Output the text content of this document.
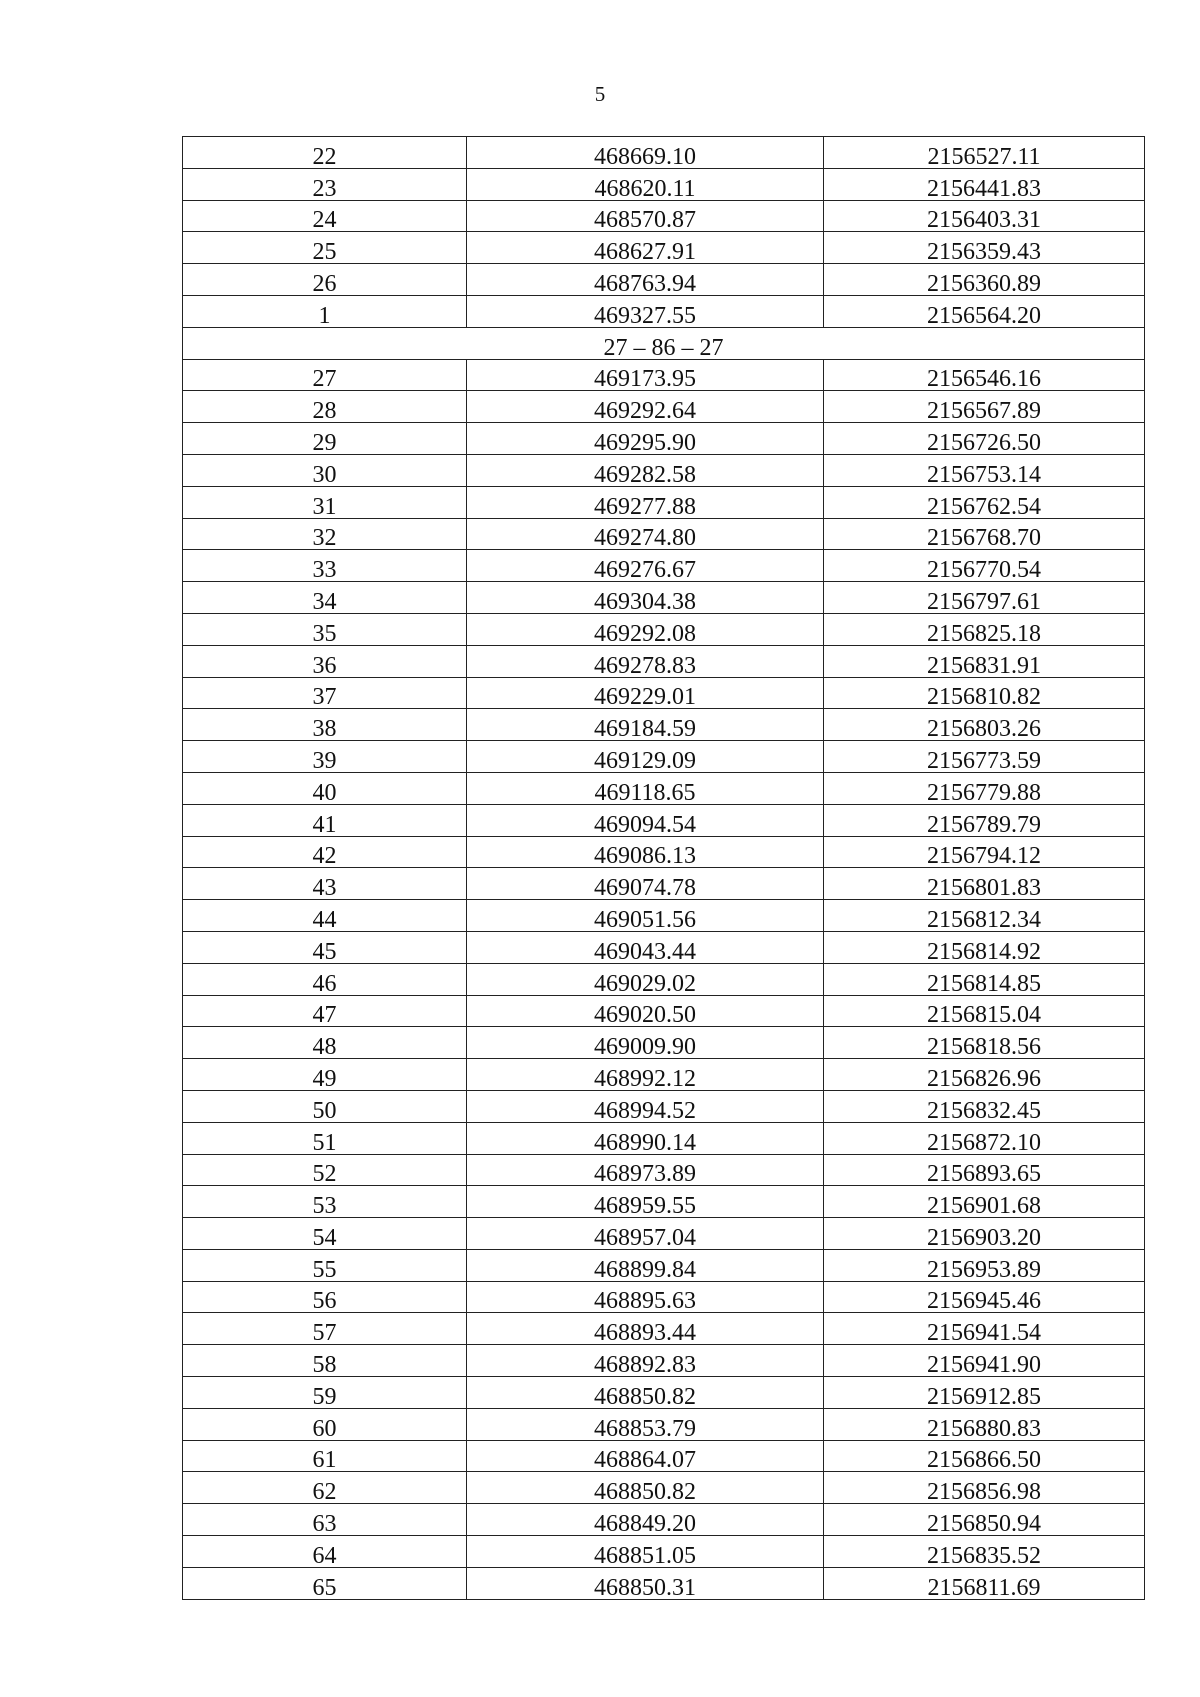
5
22	468669.10	2156527.11
23	468620.11	2156441.83
24	468570.87	2156403.31
25	468627.91	2156359.43
26	468763.94	2156360.89
1	469327.55	2156564.20
27 – 86 – 27		
27	469173.95	2156546.16
28	469292.64	2156567.89
29	469295.90	2156726.50
30	469282.58	2156753.14
31	469277.88	2156762.54
32	469274.80	2156768.70
33	469276.67	2156770.54
34	469304.38	2156797.61
35	469292.08	2156825.18
36	469278.83	2156831.91
37	469229.01	2156810.82
38	469184.59	2156803.26
39	469129.09	2156773.59
40	469118.65	2156779.88
41	469094.54	2156789.79
42	469086.13	2156794.12
43	469074.78	2156801.83
44	469051.56	2156812.34
45	469043.44	2156814.92
46	469029.02	2156814.85
47	469020.50	2156815.04
48	469009.90	2156818.56
49	468992.12	2156826.96
50	468994.52	2156832.45
51	468990.14	2156872.10
52	468973.89	2156893.65
53	468959.55	2156901.68
54	468957.04	2156903.20
55	468899.84	2156953.89
56	468895.63	2156945.46
57	468893.44	2156941.54
58	468892.83	2156941.90
59	468850.82	2156912.85
60	468853.79	2156880.83
61	468864.07	2156866.50
62	468850.82	2156856.98
63	468849.20	2156850.94
64	468851.05	2156835.52
65	468850.31	2156811.69
